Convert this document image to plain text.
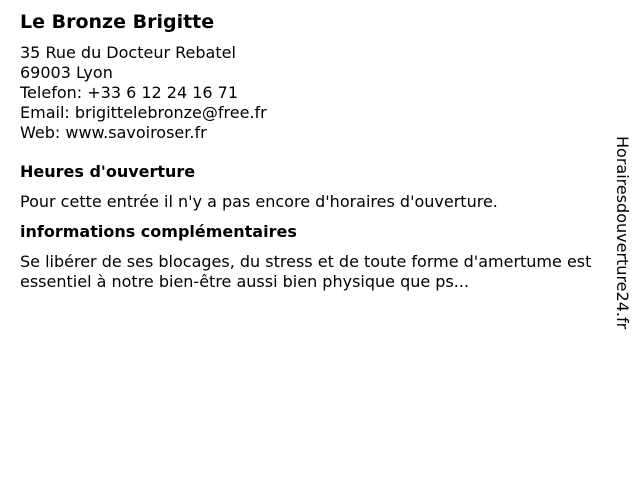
Le Bronze Brigitte
35 Rue du Docteur Rebatel
69003 Lyon
Telefon: +33 6 12 24 16 71
Email: brigittelebronze@free.fr
Web: www.savoiroser.fr
Heures d'ouverture
Pour cette entrée il n'y a pas encore d'horaires d'ouverture.
informations complémentaires
Se libérer de ses blocages, du stress et de toute forme d'amertume est essentiel à notre bien-être aussi bien physique que ps...	Horairesdouverture24.fr
